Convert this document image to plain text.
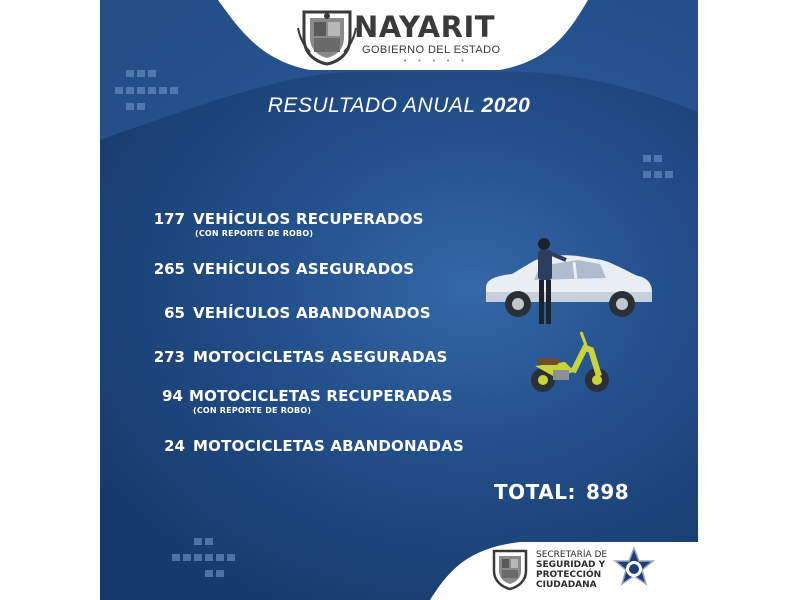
NAYARIT
GOBIERNO DEL ESTADO
• • • • •
RESULTADO ANUAL 2020
177 VEHÍCULOS RECUPERADOS
(CON REPORTE DE ROBO)
265 VEHÍCULOS ASEGURADOS
65 VEHÍCULOS ABANDONADOS
273 MOTOCICLETAS ASEGURADAS
94 MOTOCICLETAS RECUPERADAS
(CON REPORTE DE ROBO)
24 MOTOCICLETAS ABANDONADAS
TOTAL: 898
SECRETARÍA DE
SEGURIDAD Y
PROTECCIÓN
CIUDADANA
